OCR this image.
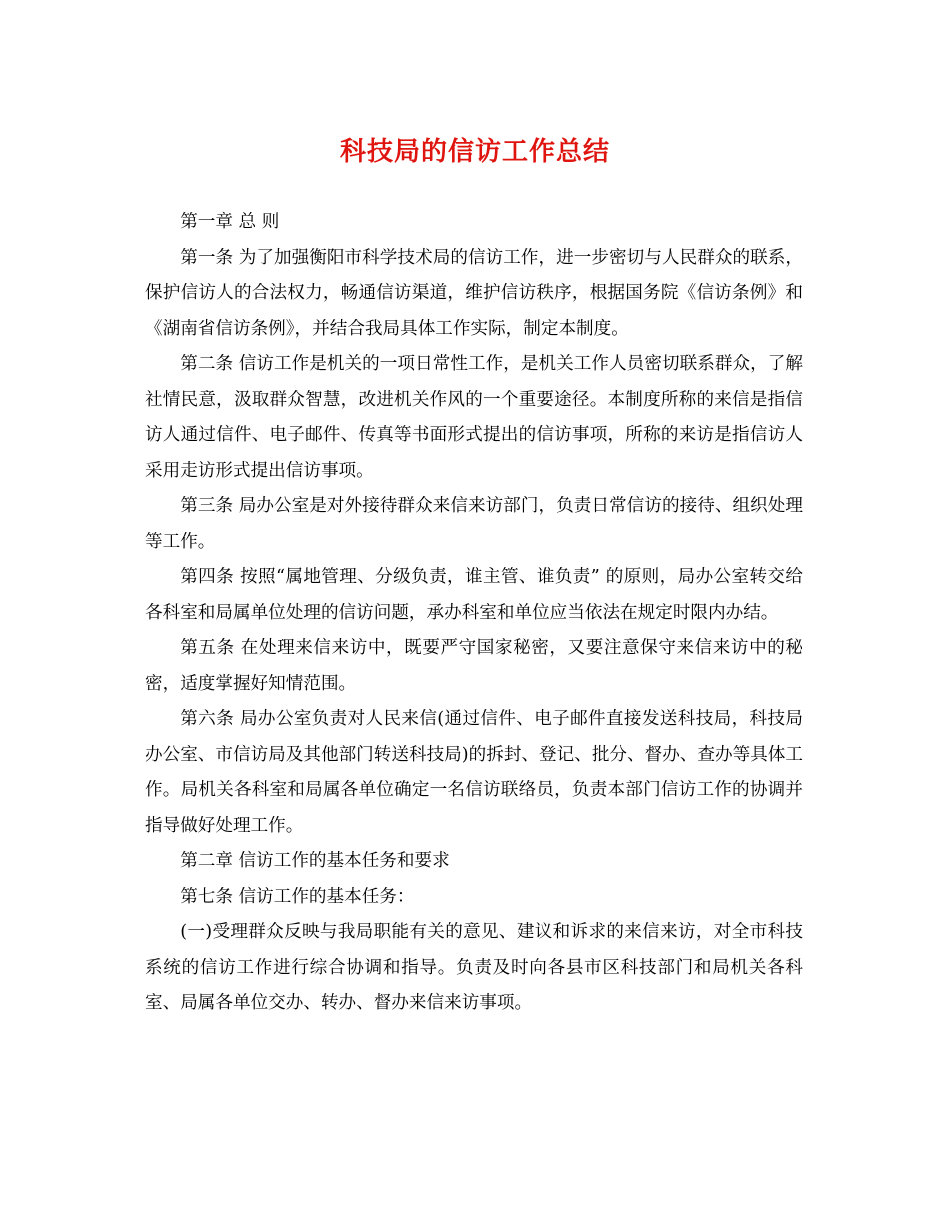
科技局的信访工作总结

第一章 总 则

第一条 为了加强衡阳市科学技术局的信访工作，进一步密切与人民群众的联系，保护信访人的合法权力，畅通信访渠道，维护信访秩序，根据国务院《信访条例》和《湖南省信访条例》，并结合我局具体工作实际，制定本制度。

第二条 信访工作是机关的一项日常性工作，是机关工作人员密切联系群众，了解社情民意，汲取群众智慧，改进机关作风的一个重要途径。本制度所称的来信是指信访人通过信件、电子邮件、传真等书面形式提出的信访事项，所称的来访是指信访人采用走访形式提出信访事项。

第三条 局办公室是对外接待群众来信来访部门，负责日常信访的接待、组织处理等工作。

第四条 按照“属地管理、分级负责，谁主管、谁负责” 的原则，局办公室转交给各科室和局属单位处理的信访问题，承办科室和单位应当依法在规定时限内办结。

第五条 在处理来信来访中，既要严守国家秘密，又要注意保守来信来访中的秘密，适度掌握好知情范围。

第六条 局办公室负责对人民来信(通过信件、电子邮件直接发送科技局，科技局办公室、市信访局及其他部门转送科技局)的拆封、登记、批分、督办、查办等具体工作。局机关各科室和局属各单位确定一名信访联络员，负责本部门信访工作的协调并指导做好处理工作。

第二章 信访工作的基本任务和要求

第七条 信访工作的基本任务：

(一)受理群众反映与我局职能有关的意见、建议和诉求的来信来访，对全市科技系统的信访工作进行综合协调和指导。负责及时向各县市区科技部门和局机关各科室、局属各单位交办、转办、督办来信来访事项。
